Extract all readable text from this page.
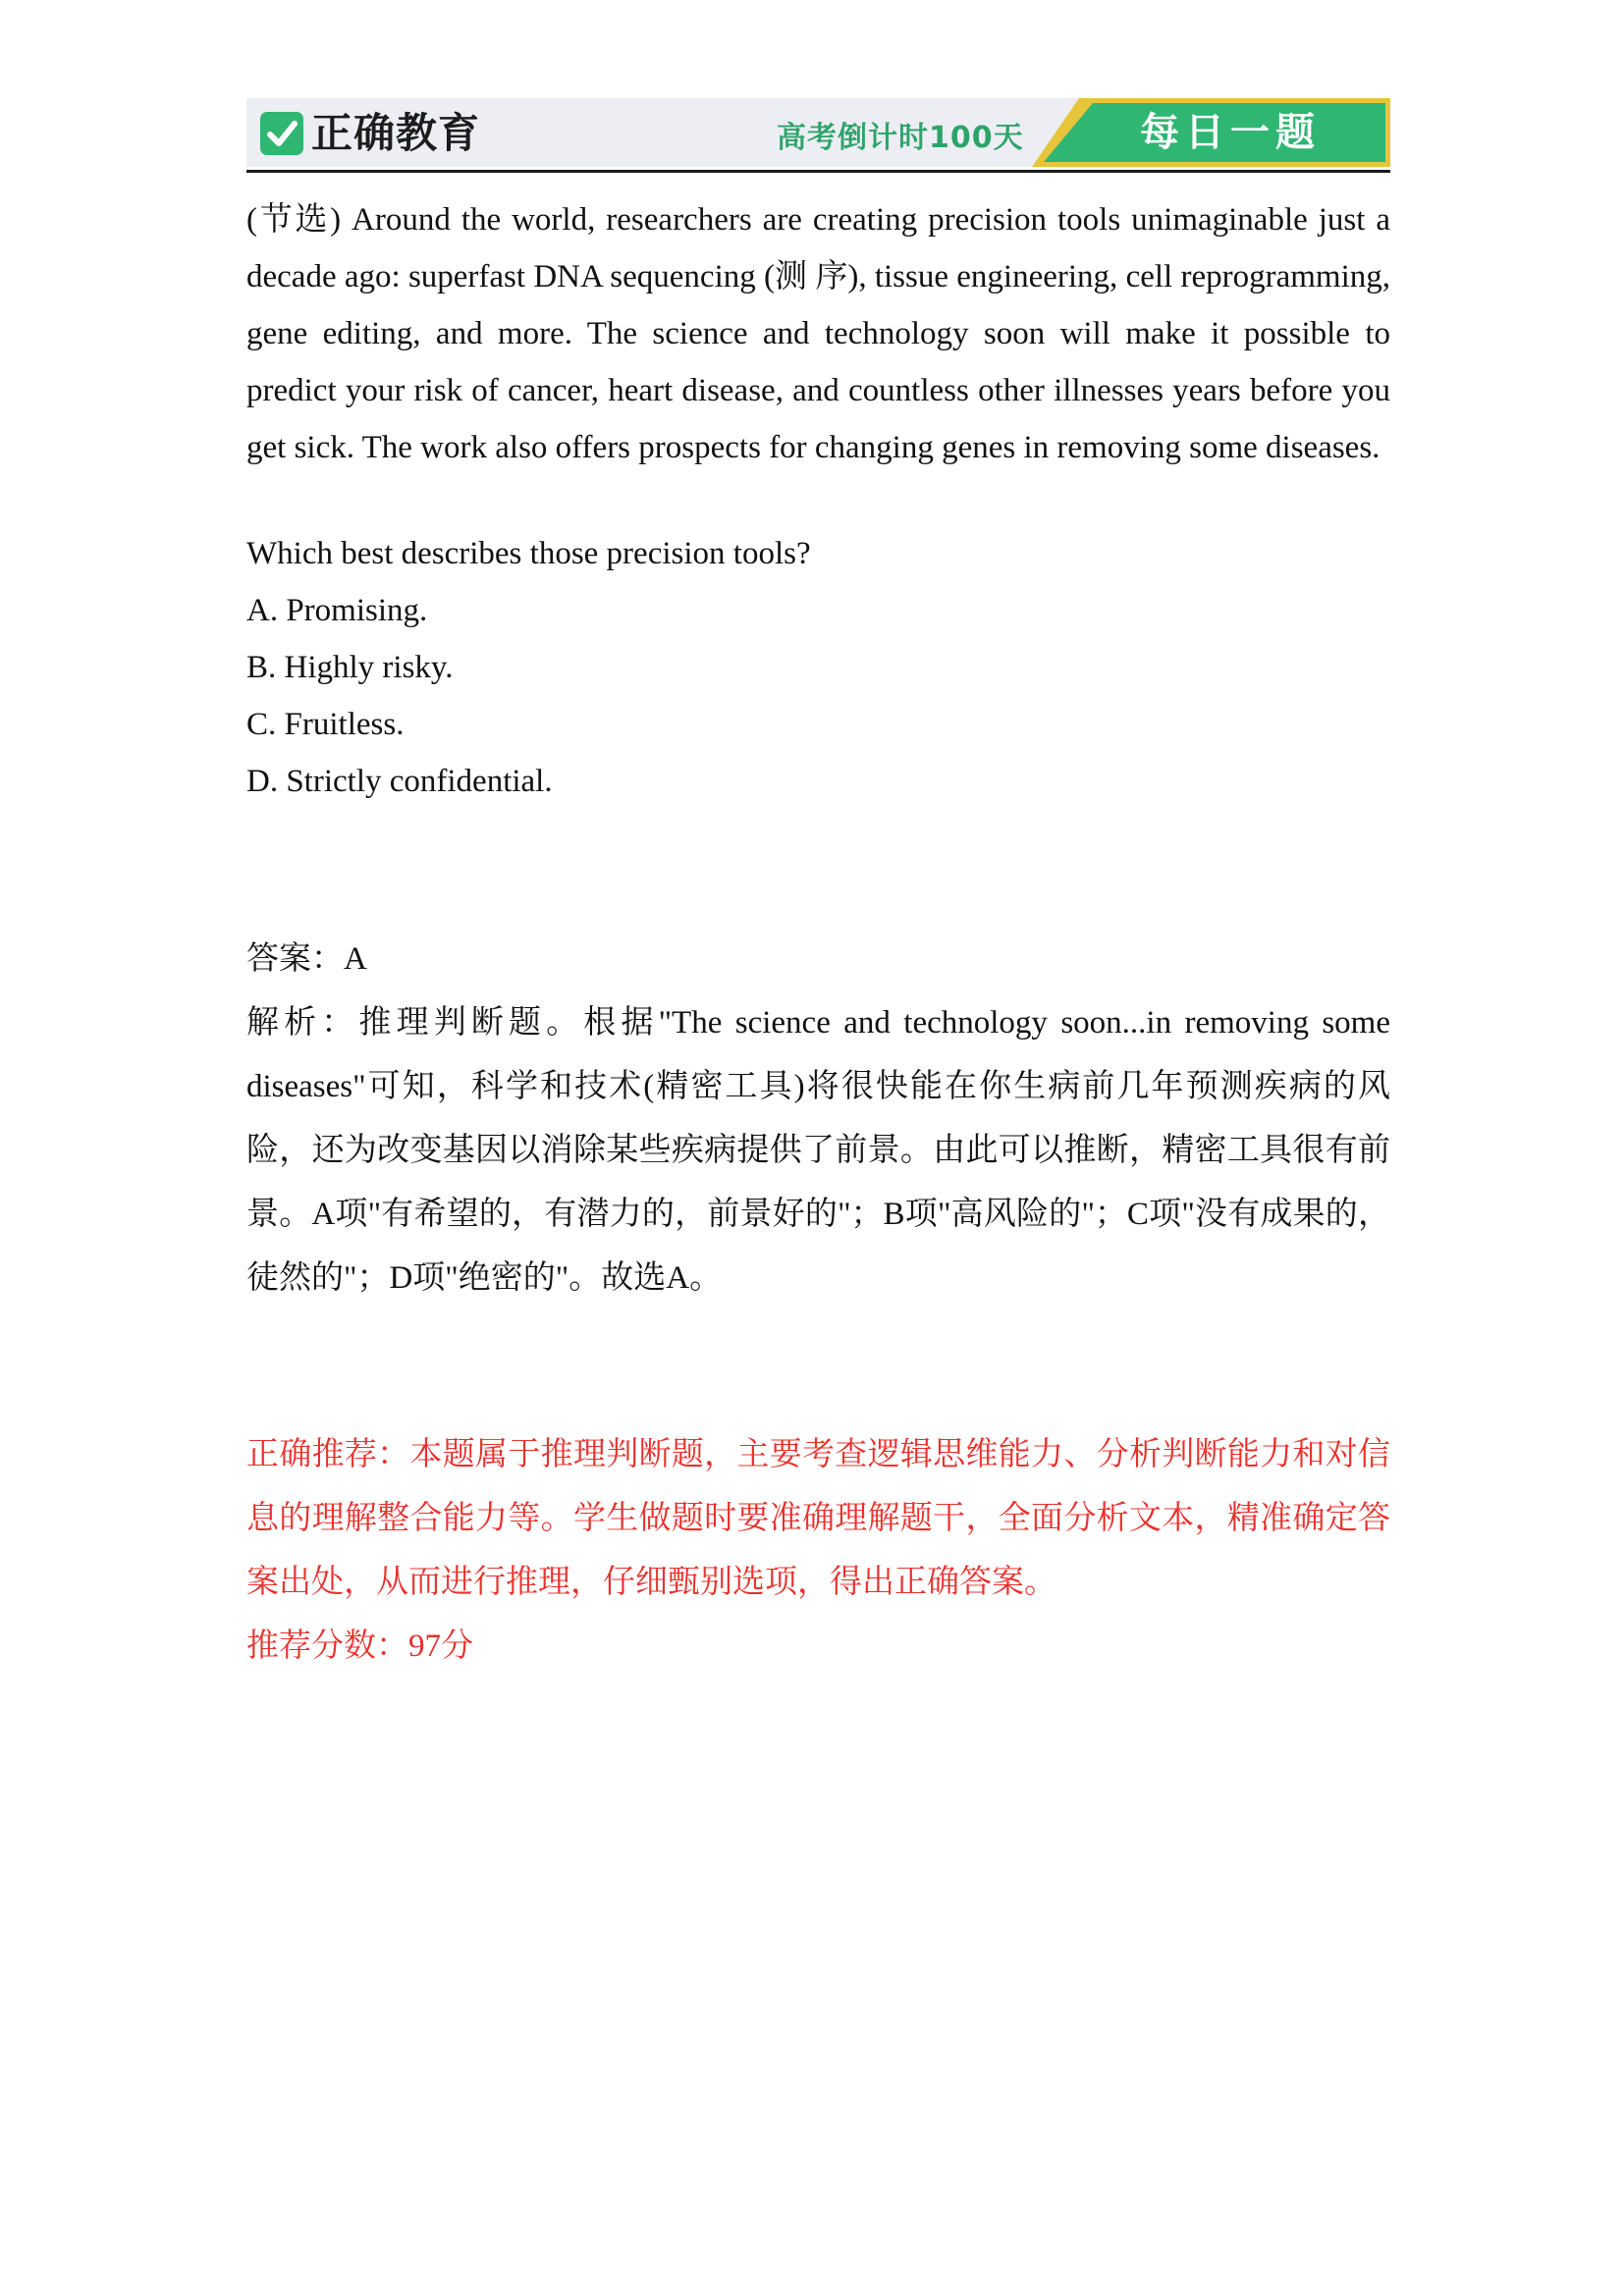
正确教育	高考倒计时100天	每日一题

(节选) Around the world, researchers are creating precision tools unimaginable just a decade ago: superfast DNA sequencing (测 序), tissue engineering, cell reprogramming, gene editing, and more. The science and technology soon will make it possible to predict your risk of cancer, heart disease, and countless other illnesses years before you get sick. The work also offers prospects for changing genes in removing some diseases.

Which best describes those precision tools?
A. Promising.
B. Highly risky.
C. Fruitless.
D. Strictly confidential.
答案：A
解析：推理判断题。根据"The science and technology soon...in removing some diseases"可知，科学和技术(精密工具)将很快能在你生病前几年预测疾病的风险，还为改变基因以消除某些疾病提供了前景。由此可以推断，精密工具很有前景。A项"有希望的，有潜力的，前景好的"；B项"高风险的"；C项"没有成果的，徒然的"；D项"绝密的"。故选A。
正确推荐：本题属于推理判断题，主要考查逻辑思维能力、分析判断能力和对信息的理解整合能力等。学生做题时要准确理解题干，全面分析文本，精准确定答案出处，从而进行推理，仔细甄别选项，得出正确答案。
推荐分数：97分
